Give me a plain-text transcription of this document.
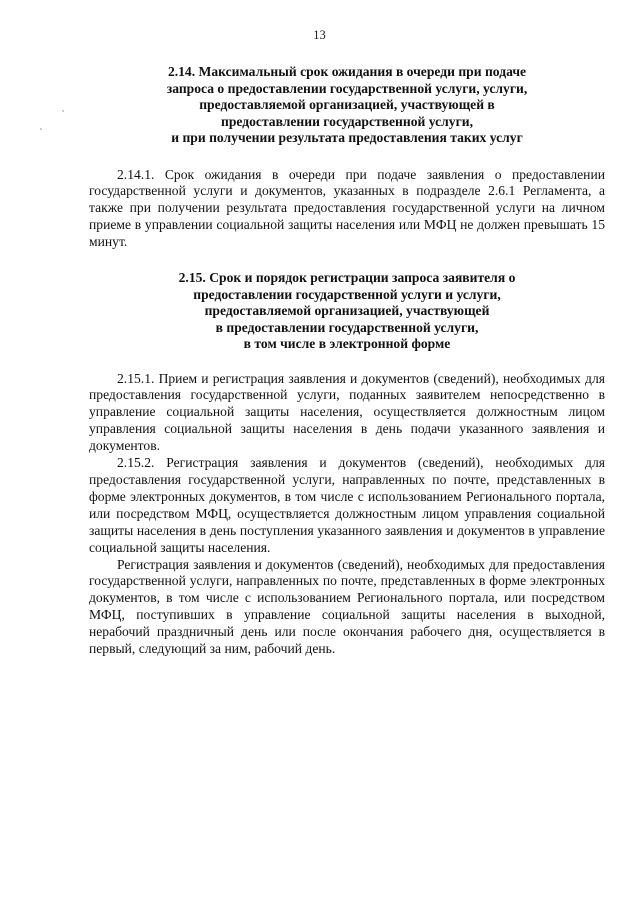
13
2.14. Максимальный срок ожидания в очереди при подаче
запроса о предоставлении государственной услуги, услуги,
предоставляемой организацией, участвующей в
предоставлении государственной услуги,
и при получении результата предоставления таких услуг

2.14.1. Срок ожидания в очереди при подаче заявления о предоставлении государственной услуги и документов, указанных в подразделе 2.6.1 Регламента, а также при получении результата предоставления государственной услуги на личном приеме в управлении социальной защиты населения или МФЦ не должен превышать 15 минут.

2.15. Срок и порядок регистрации запроса заявителя о
предоставлении государственной услуги и услуги,
предоставляемой организацией, участвующей
в предоставлении государственной услуги,
в том числе в электронной форме

2.15.1. Прием и регистрация заявления и документов (сведений), необходимых для предоставления государственной услуги, поданных заявителем непосредственно в управление социальной защиты населения, осуществляется должностным лицом управления социальной защиты населения в день подачи указанного заявления и документов.

2.15.2. Регистрация заявления и документов (сведений), необходимых для предоставления государственной услуги, направленных по почте, представленных в форме электронных документов, в том числе с использованием Регионального портала, или посредством МФЦ, осуществляется должностным лицом управления социальной защиты населения в день поступления указанного заявления и документов в управление социальной защиты населения.

Регистрация заявления и документов (сведений), необходимых для предоставления государственной услуги, направленных по почте, представленных в форме электронных документов, в том числе с использованием Регионального портала, или посредством МФЦ, поступивших в управление социальной защиты населения в выходной, нерабочий праздничный день или после окончания рабочего дня, осуществляется в первый, следующий за ним, рабочий день.
